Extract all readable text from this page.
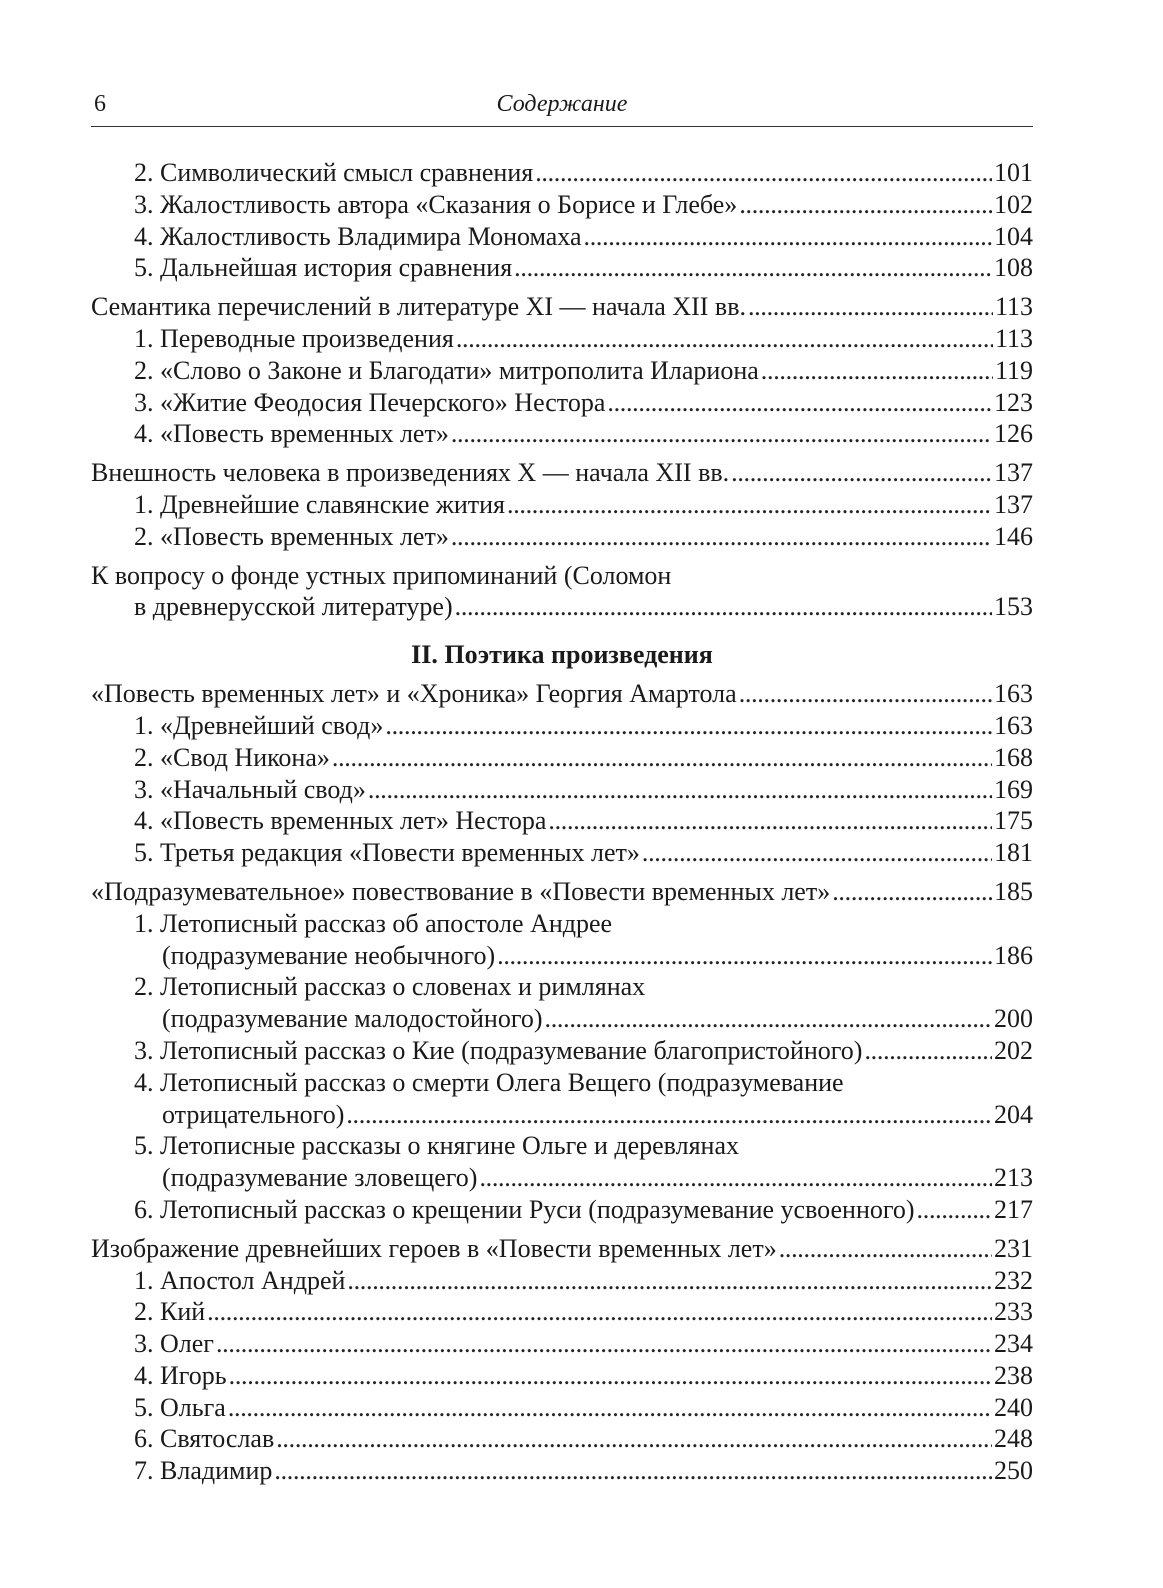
6	Содержание
2. Символический смысл сравнения . . .	101
3. Жалостливость автора «Сказания о Борисе и Глебе» . . .	102
4. Жалостливость Владимира Мономаха . . .	104
5. Дальнейшая история сравнения . . .	108
Семантика перечислений в литературе XI — начала XII вв. . . .	113
1. Переводные произведения . . .	113
2. «Слово о Законе и Благодати» митрополита Илариона . . .	119
3. «Житие Феодосия Печерского» Нестора . . .	123
4. «Повесть временных лет» . . .	126
Внешность человека в произведениях X — начала XII вв. . . .	137
1. Древнейшие славянские жития . . .	137
2. «Повесть временных лет» . . .	146
К вопросу о фонде устных припоминаний (Соломон
в древнерусской литературе) . . .	153
II. Поэтика произведения
«Повесть временных лет» и «Хроника» Георгия Амартола . . .	163
1. «Древнейший свод» . . .	163
2. «Свод Никона» . . .	168
3. «Начальный свод» . . .	169
4. «Повесть временных лет» Нестора . . .	175
5. Третья редакция «Повести временных лет» . . .	181
«Подразумевательное» повествование в «Повести временных лет» . . .	185
1. Летописный рассказ об апостоле Андрее
(подразумевание необычного) . . .	186
2. Летописный рассказ о словенах и римлянах
(подразумевание малодостойного) . . .	200
3. Летописный рассказ о Кие (подразумевание благопристойного) . . .	202
4. Летописный рассказ о смерти Олега Вещего (подразумевание
отрицательного) . . .	204
5. Летописные рассказы о княгине Ольге и деревлянах
(подразумевание зловещего) . . .	213
6. Летописный рассказ о крещении Руси (подразумевание усвоенного) . . .	217
Изображение древнейших героев в «Повести временных лет» . . .	231
1. Апостол Андрей . . .	232
2. Кий . . .	233
3. Олег . . .	234
4. Игорь . . .	238
5. Ольга . . .	240
6. Святослав . . .	248
7. Владимир . . .	250
